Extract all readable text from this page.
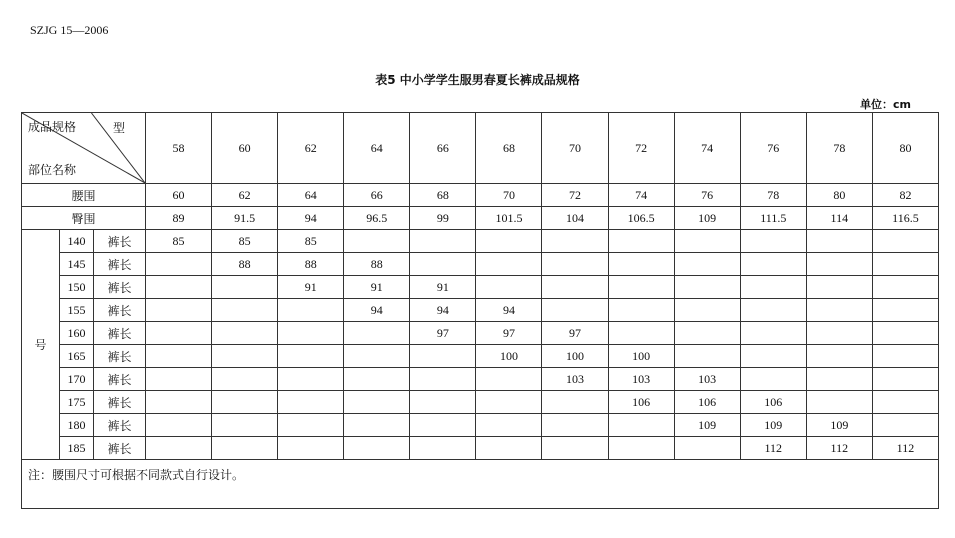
SZJG 15—2006
表5 中小学学生服男春夏长裤成品规格
单位：cm
成品规格 型
部位名称			58	60	62	64	66	68	70	72	74	76	78	80
腰围			60	62	64	66	68	70	72	74	76	78	80	82
臀围			89	91.5	94	96.5	99	101.5	104	106.5	109	111.5	114	116.5
号	140	裤长	85	85	85									
	145	裤长		88	88	88								
	150	裤长			91	91	91							
	155	裤长				94	94	94						
	160	裤长					97	97	97					
	165	裤长						100	100	100				
	170	裤长							103	103	103			
	175	裤长								106	106	106		
	180	裤长									109	109	109	
	185	裤长										112	112	112
注：腰围尺寸可根据不同款式自行设计。														
